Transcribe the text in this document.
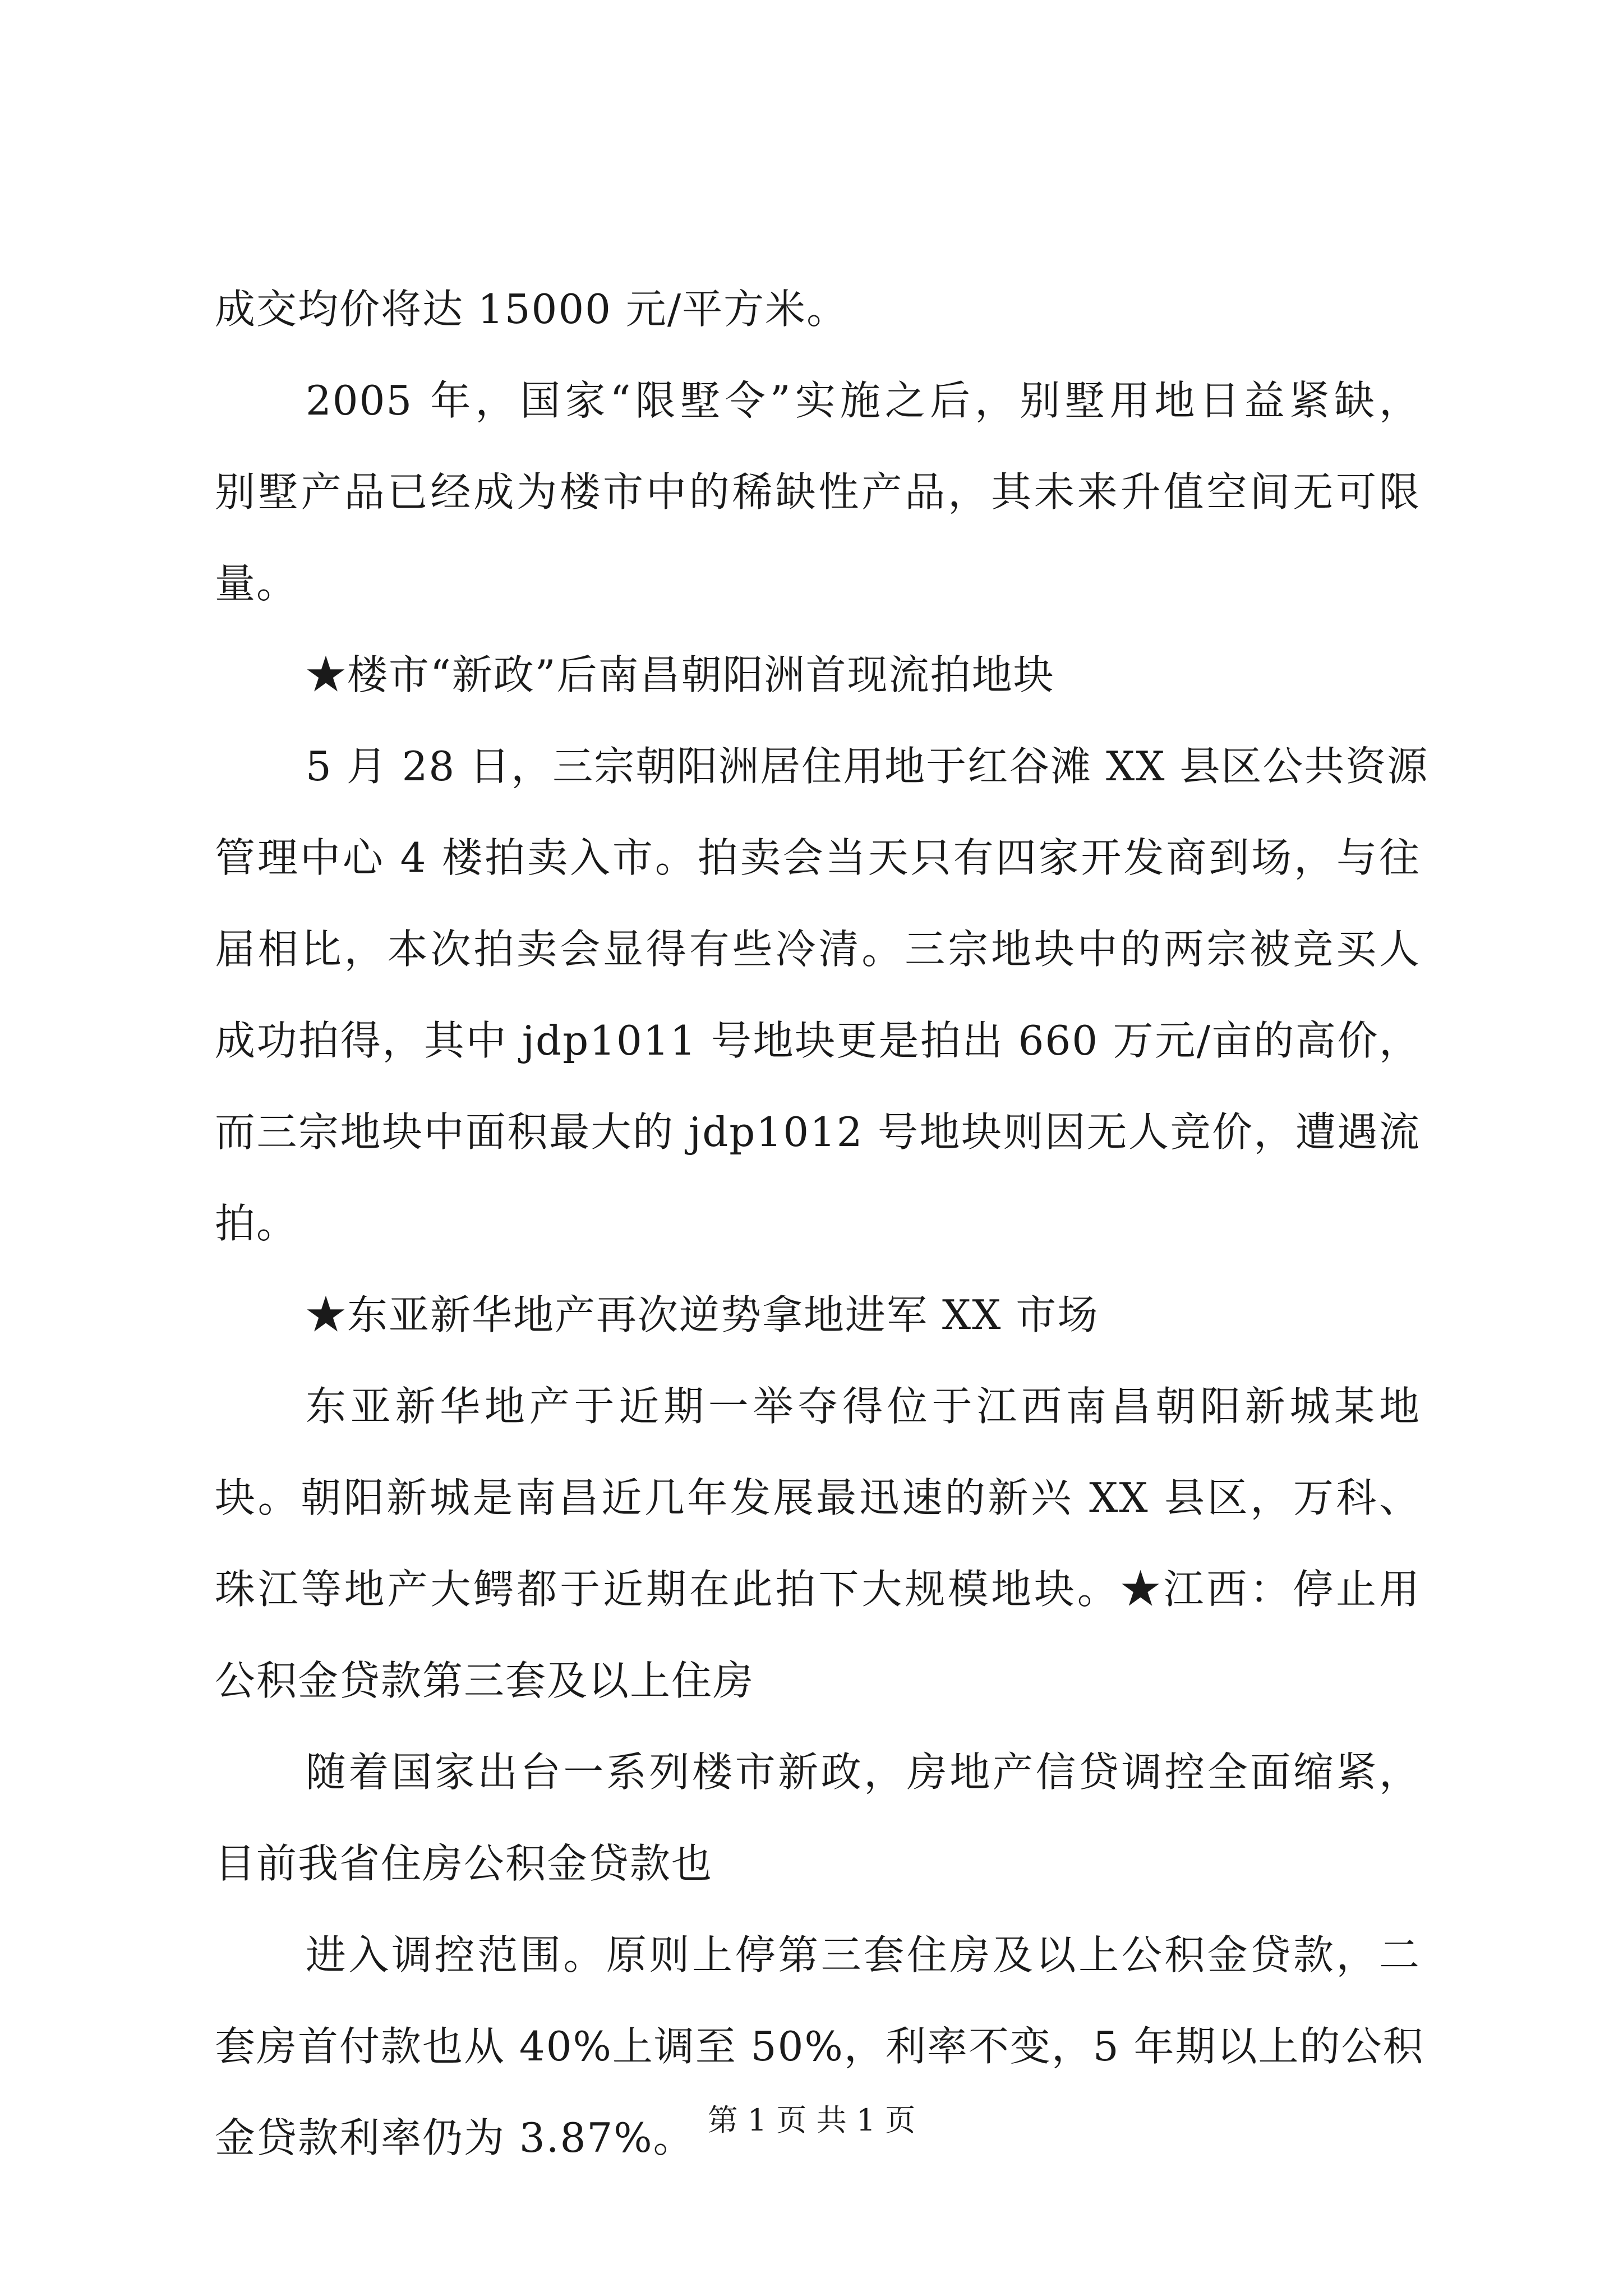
成交均价将达 15000 元/平方米。
2005 年，国家“限墅令”实施之后，别墅用地日益紧缺，
别墅产品已经成为楼市中的稀缺性产品，其未来升值空间无可限
量。
★楼市“新政”后南昌朝阳洲首现流拍地块
5 月 28 日，三宗朝阳洲居住用地于红谷滩 XX 县区公共资源
管理中心 4 楼拍卖入市。拍卖会当天只有四家开发商到场，与往
届相比，本次拍卖会显得有些冷清。三宗地块中的两宗被竞买人
成功拍得，其中 jdp1011 号地块更是拍出 660 万元/亩的高价，
而三宗地块中面积最大的 jdp1012 号地块则因无人竞价，遭遇流
拍。
★东亚新华地产再次逆势拿地进军 XX 市场
东亚新华地产于近期一举夺得位于江西南昌朝阳新城某地
块。朝阳新城是南昌近几年发展最迅速的新兴 XX 县区，万科、
珠江等地产大鳄都于近期在此拍下大规模地块。★江西：停止用
公积金贷款第三套及以上住房
随着国家出台一系列楼市新政，房地产信贷调控全面缩紧，
目前我省住房公积金贷款也
进入调控范围。原则上停第三套住房及以上公积金贷款，二
套房首付款也从 40%上调至 50%，利率不变，5 年期以上的公积
金贷款利率仍为 3.87%。 第 1 页 共 1 页
